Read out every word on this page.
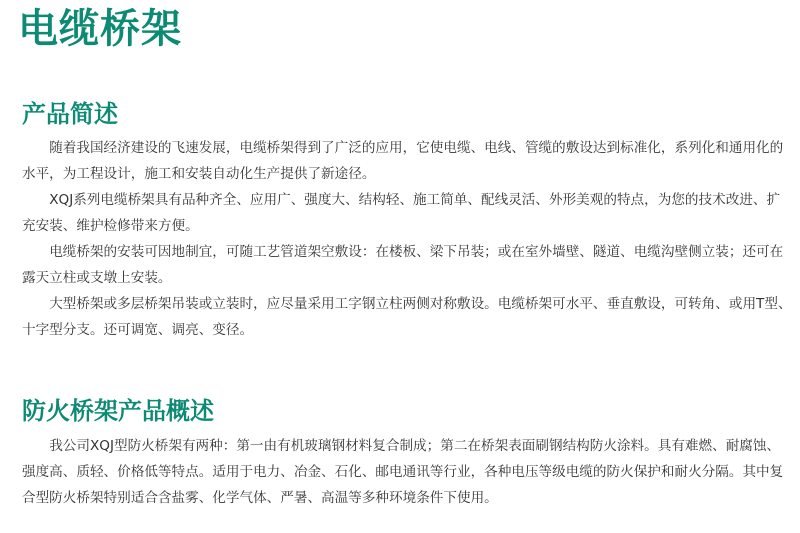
电缆桥架
产品简述

随着我国经济建设的飞速发展，电缆桥架得到了广泛的应用，它使电缆、电线、管缆的敷设达到标准化，系列化和通用化的水平，为工程设计，施工和安装自动化生产提供了新途径。

XQJ系列电缆桥架具有品种齐全、应用广、强度大、结构轻、施工简单、配线灵活、外形美观的特点，为您的技术改进、扩充安装、维护检修带来方便。

电缆桥架的安装可因地制宜，可随工艺管道架空敷设：在楼板、梁下吊装；或在室外墙壁、隧道、电缆沟壁侧立装；还可在露天立柱或支墩上安装。

大型桥架或多层桥架吊装或立装时，应尽量采用工字钢立柱两侧对称敷设。电缆桥架可水平、垂直敷设，可转角、或用T型、十字型分支。还可调宽、调亮、变径。

防火桥架产品概述

我公司XQJ型防火桥架有两种：第一由有机玻璃钢材料复合制成；第二在桥架表面刷钢结构防火涂料。具有难燃、耐腐蚀、强度高、质轻、价格低等特点。适用于电力、冶金、石化、邮电通讯等行业，各种电压等级电缆的防火保护和耐火分隔。其中复合型防火桥架特别适合含盐雾、化学气体、严暑、高温等多种环境条件下使用。
